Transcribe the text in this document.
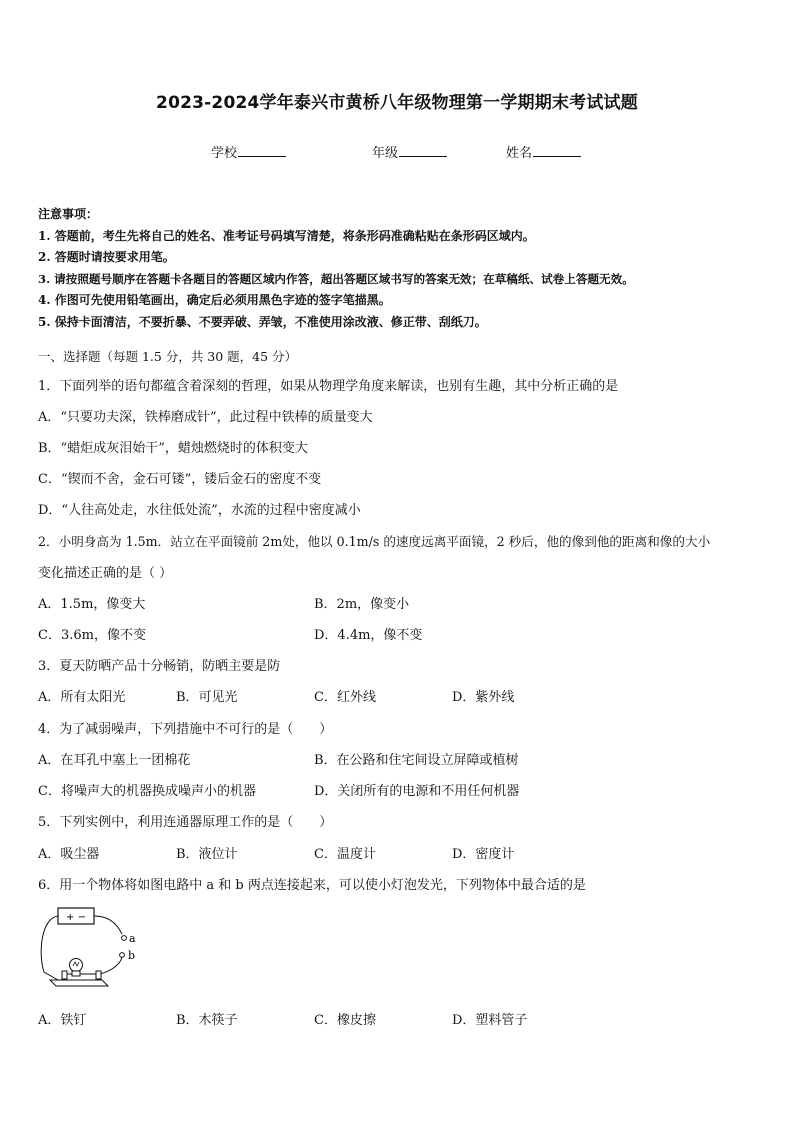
2023-2024学年泰兴市黄桥八年级物理第一学期期末考试试题
学校	年级	姓名
注意事项：
1. 答题前，考生先将自己的姓名、准考证号码填写清楚，将条形码准确粘贴在条形码区域内。
2. 答题时请按要求用笔。
3. 请按照题号顺序在答题卡各题目的答题区域内作答，超出答题区域书写的答案无效；在草稿纸、试卷上答题无效。
4. 作图可先使用铅笔画出，确定后必须用黑色字迹的签字笔描黑。
5. 保持卡面清洁，不要折暴、不要弄破、弄皱，不准使用涂改液、修正带、刮纸刀。
一、选择题（每题 1.5 分，共 30 题，45 分）
1．下面列举的语句都蕴含着深刻的哲理，如果从物理学角度来解读，也别有生趣，其中分析正确的是
A．“只要功夫深，铁棒磨成针”，此过程中铁棒的质量变大
B．“蜡炬成灰泪始干”，蜡烛燃烧时的体积变大
C．“锲而不舍，金石可镂”，镂后金石的密度不变
D．“人往高处走，水往低处流”，水流的过程中密度减小
2．小明身高为 1.5m．站立在平面镜前 2m处，他以 0.1m/s 的速度远离平面镜，2 秒后，他的像到他的距离和像的大小
变化描述正确的是（ ）
A．1.5m，像变大	B．2m，像变小
C．3.6m，像不变	D．4.4m，像不变
3．夏天防晒产品十分畅销，防晒主要是防
A．所有太阳光	B．可见光	C．红外线	D．紫外线
4．为了减弱噪声，下列措施中不可行的是（　　）
A．在耳孔中塞上一团棉花	B．在公路和住宅间设立屏障或植树
C．将噪声大的机器换成噪声小的机器	D．关闭所有的电源和不用任何机器
5．下列实例中，利用连通器原理工作的是（　　）
A．吸尘器	B．液位计	C．温度计	D．密度计
6．用一个物体将如图电路中 a 和 b 两点连接起来，可以使小灯泡发光，下列物体中最合适的是
+ −
a
b
A．铁钉	B．木筷子	C．橡皮擦	D．塑料管子
